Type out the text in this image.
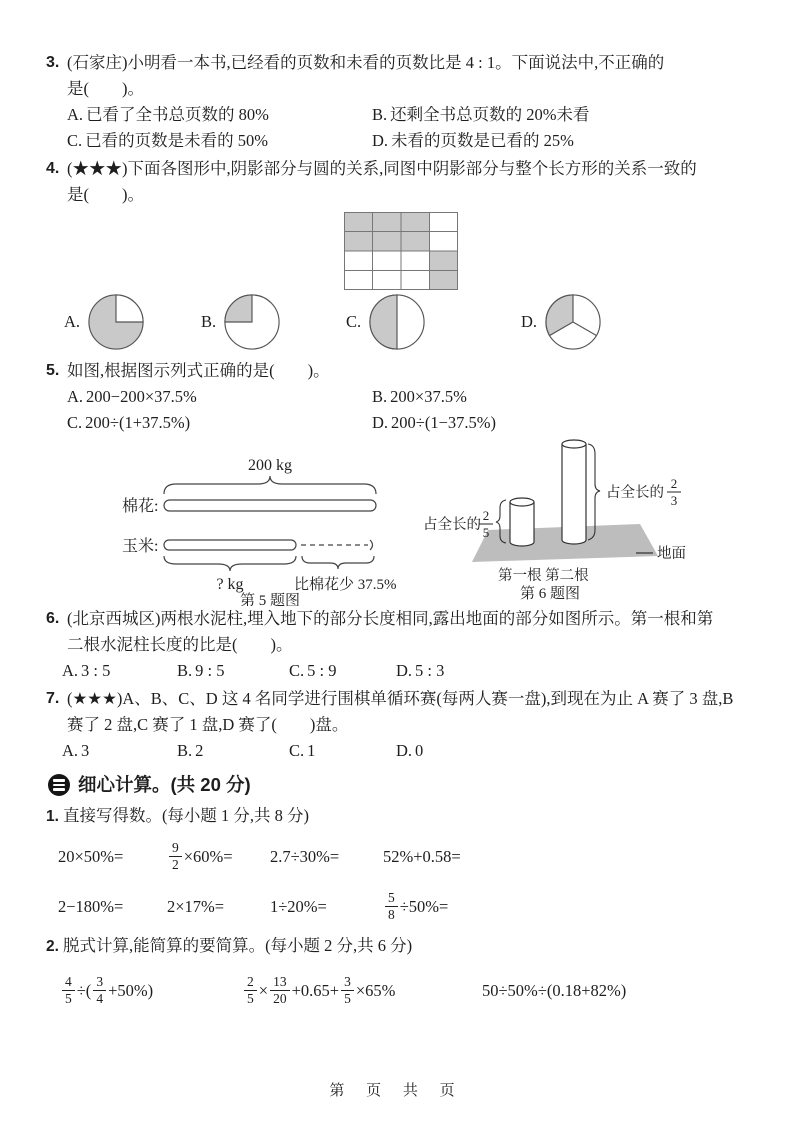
3. (石家庄)小明看一本书,已经看的页数和未看的页数比是 4 : 1。下面说法中,不正确的
是(　　)。
A. 已看了全书总页数的 80%	B. 还剩全书总页数的 20%未看
C. 已看的页数是未看的 50%	D. 未看的页数是已看的 25%
4. (★★★)下面各图形中,阴影部分与圆的关系,同图中阴影部分与整个长方形的关系一致的
是(　　)。
A.	B.	C.	D.
5. 如图,根据图示列式正确的是(　　)。
A. 200−200×37.5%	B. 200×37.5%
C. 200÷(1+37.5%)	D. 200÷(1−37.5%)
200 kg
棉花:
玉米:
? kg	比棉花少 37.5%
第 5 题图
占全长的
2
5
占全长的
2
3
地面
第一根 第二根
第 6 题图
6. (北京西城区)两根水泥柱,埋入地下的部分长度相同,露出地面的部分如图所示。第一根和第
二根水泥柱长度的比是(　　)。
A. 3 : 5	B. 9 : 5	C. 5 : 9	D. 5 : 3
7. (★★★)A、B、C、D 这 4 名同学进行围棋单循环赛(每两人赛一盘),到现在为止 A 赛了 3 盘,B
赛了 2 盘,C 赛了 1 盘,D 赛了(　　)盘。
A. 3	B. 2	C. 1	D. 0
细心计算。(共 20 分)
1. 直接写得数。(每小题 1 分,共 8 分)
20×50%=	$\frac{9}{2} \times 60\%= 2.7\div 30\%=$	52%+0.58=
2−180%=	2×17%=	1÷20%=	$\frac{5}{8} \div 50\%=$
2. 脱式计算,能简算的要简算。(每小题 2 分,共 6 分)
$\frac{4}{5}$ ÷( $\frac{3}{4} +50\%$)	$\frac{2}{5} \times \frac{13}{20} +0.65+ \frac{3}{5} \times 65\%$	50÷50%÷(0.18+82%)
第 页 共 页
